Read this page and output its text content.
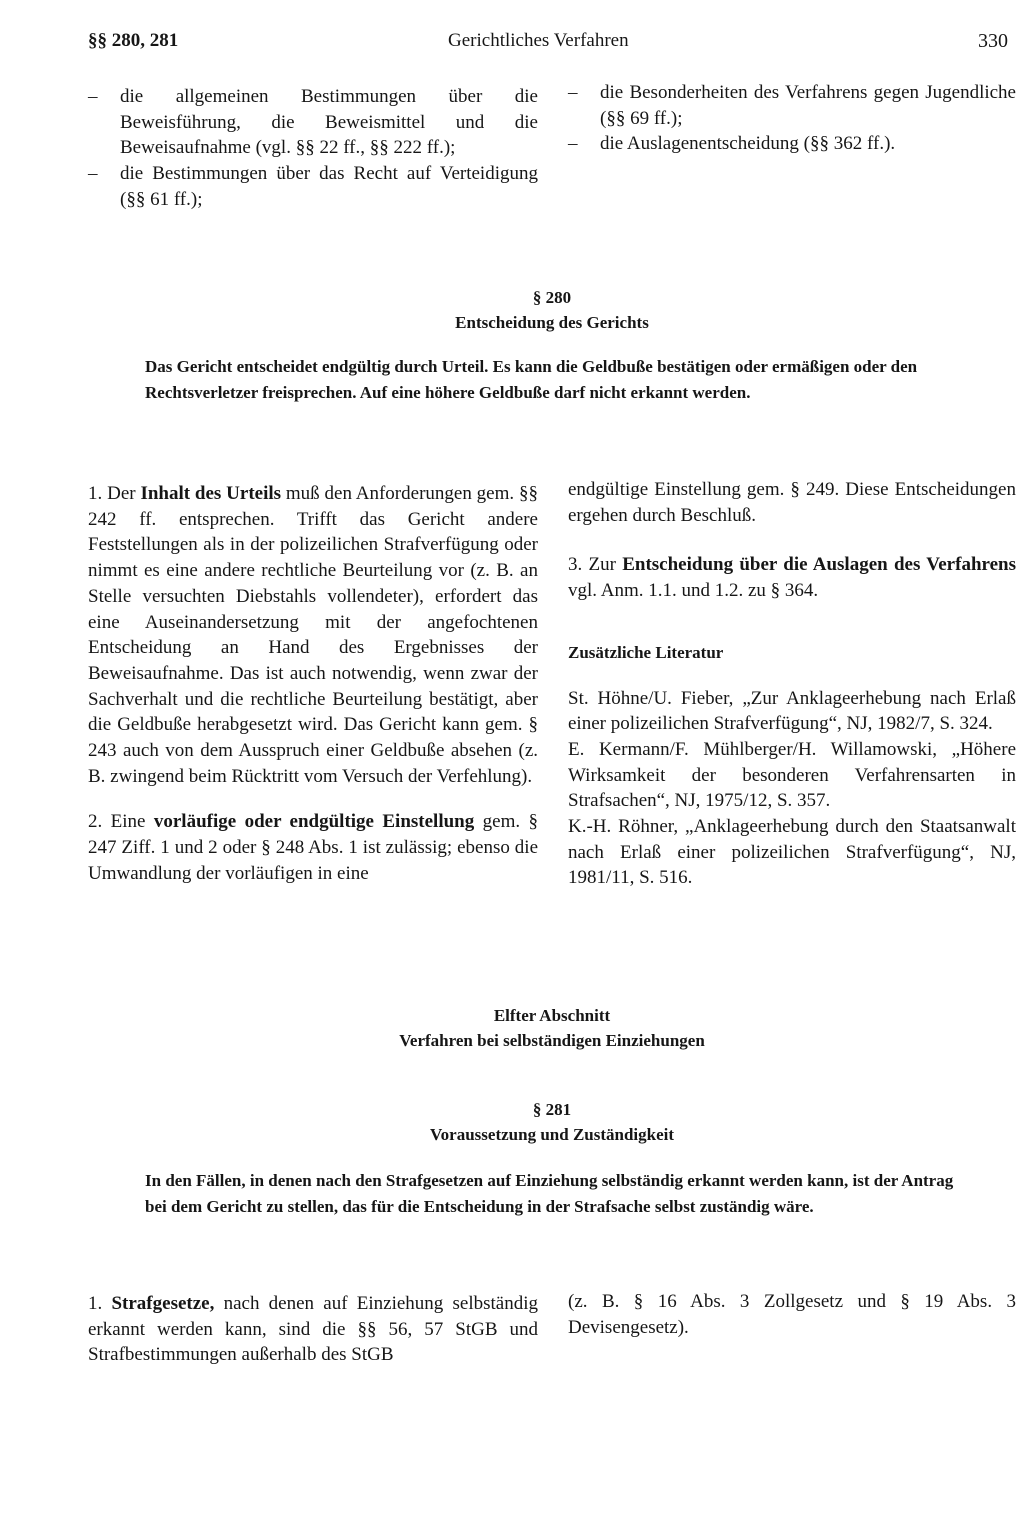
§§ 280, 281	Gerichtliches Verfahren	330
– die allgemeinen Bestimmungen über die Beweisführung, die Beweismittel und die Beweisaufnahme (vgl. §§ 22 ff., §§ 222 ff.);
– die Bestimmungen über das Recht auf Verteidigung (§§ 61 ff.);
– die Besonderheiten des Verfahrens gegen Jugendliche (§§ 69 ff.);
– die Auslagenentscheidung (§§ 362 ff.).
§ 280
Entscheidung des Gerichts
Das Gericht entscheidet endgültig durch Urteil. Es kann die Geldbuße bestätigen oder ermäßigen oder den Rechtsverletzer freisprechen. Auf eine höhere Geldbuße darf nicht erkannt werden.

1. Der Inhalt des Urteils muß den Anforderungen gem. §§ 242 ff. entsprechen. Trifft das Gericht andere Feststellungen als in der polizeilichen Strafverfügung oder nimmt es eine andere rechtliche Beurteilung vor (z. B. an Stelle versuchten Diebstahls vollendeter), erfordert das eine Auseinandersetzung mit der angefochtenen Entscheidung an Hand des Ergebnisses der Beweisaufnahme. Das ist auch notwendig, wenn zwar der Sachverhalt und die rechtliche Beurteilung bestätigt, aber die Geldbuße herabgesetzt wird. Das Gericht kann gem. § 243 auch von dem Ausspruch einer Geldbuße absehen (z. B. zwingend beim Rücktritt vom Versuch der Verfehlung).

2. Eine vorläufige oder endgültige Einstellung gem. § 247 Ziff. 1 und 2 oder § 248 Abs. 1 ist zulässig; ebenso die Umwandlung der vorläufigen in eine

endgültige Einstellung gem. § 249. Diese Entscheidungen ergehen durch Beschluß.

3. Zur Entscheidung über die Auslagen des Verfahrens vgl. Anm. 1.1. und 1.2. zu § 364.

Zusätzliche Literatur

St. Höhne/U. Fieber, „Zur Anklageerhebung nach Erlaß einer polizeilichen Strafverfügung“, NJ, 1982/7, S. 324.

E. Kermann/F. Mühlberger/H. Willamowski, „Höhere Wirksamkeit der besonderen Verfahrensarten in Strafsachen“, NJ, 1975/12, S. 357.

K.-H. Röhner, „Anklageerhebung durch den Staatsanwalt nach Erlaß einer polizeilichen Strafverfügung“, NJ, 1981/11, S. 516.

Elfter Abschnitt
Verfahren bei selbständigen Einziehungen
§ 281
Voraussetzung und Zuständigkeit
In den Fällen, in denen nach den Strafgesetzen auf Einziehung selbständig erkannt werden kann, ist der Antrag bei dem Gericht zu stellen, das für die Entscheidung in der Strafsache selbst zuständig wäre.

1. Strafgesetze, nach denen auf Einziehung selbständig erkannt werden kann, sind die §§ 56, 57 StGB und Strafbestimmungen außerhalb des StGB

(z. B. § 16 Abs. 3 Zollgesetz und § 19 Abs. 3 Devisengesetz).
